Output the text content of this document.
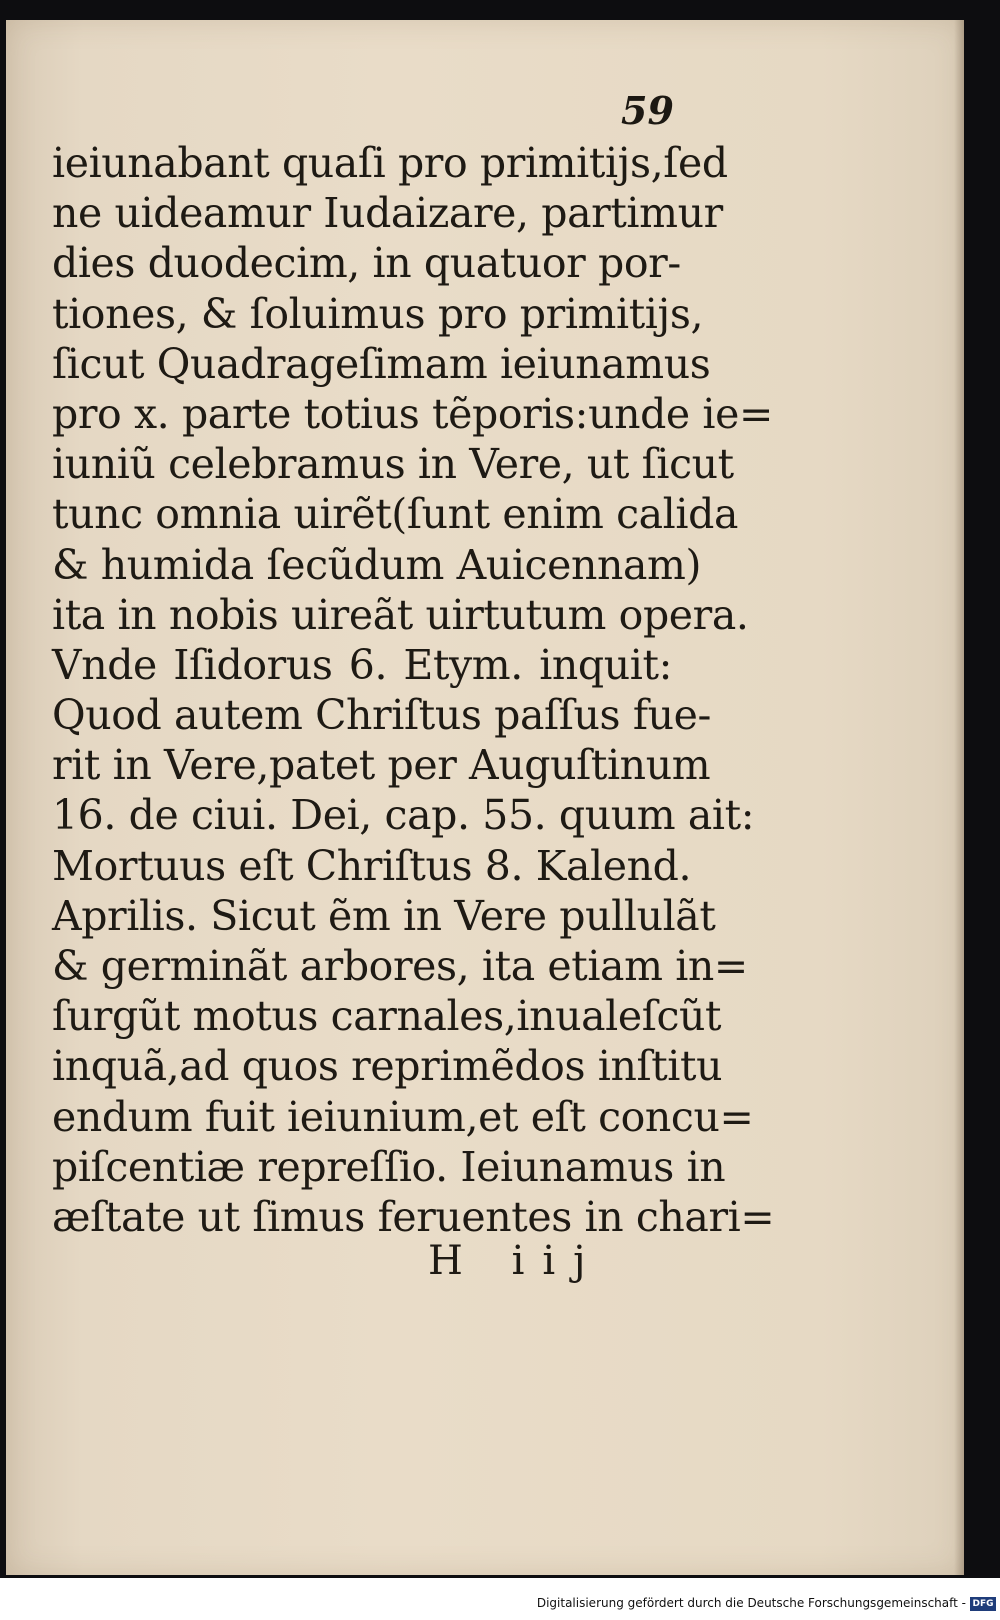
59
ieiunabant quaſi pro primitijs,ſed
ne uideamur Iudaizare, partimur
dies duodecim, in quatuor por-
tiones, & ſoluimus pro primitijs,
ſicut Quadrageſimam ieiunamus
pro x. parte totius tẽporis:unde ie=
iuniũ celebramus in Vere, ut ſicut
tunc omnia uirẽt(ſunt enim calida
& humida ſecũdum Auicennam)
ita in nobis uireãt uirtutum opera.
Vnde Iſidorus 6. Etym. inquit:
Quod autem Chriſtus paſſus fue-
rit in Vere,patet per Auguſtinum
16. de ciui. Dei, cap. 55. quum ait:
Mortuus eſt Chriſtus 8. Kalend.
Aprilis. Sicut ẽm in Vere pullulãt
& germinãt arbores, ita etiam in=
ſurgũt motus carnales,inualeſcũt
inquã,ad quos reprimẽdos inſtitu
endum fuit ieiunium,et eſt concu=
piſcentiæ repreſſio. Ieiunamus in
æſtate ut ſimus feruentes in chari=
H iij
Digitalisierung gefördert durch die Deutsche Forschungsgemeinschaft - DFG
